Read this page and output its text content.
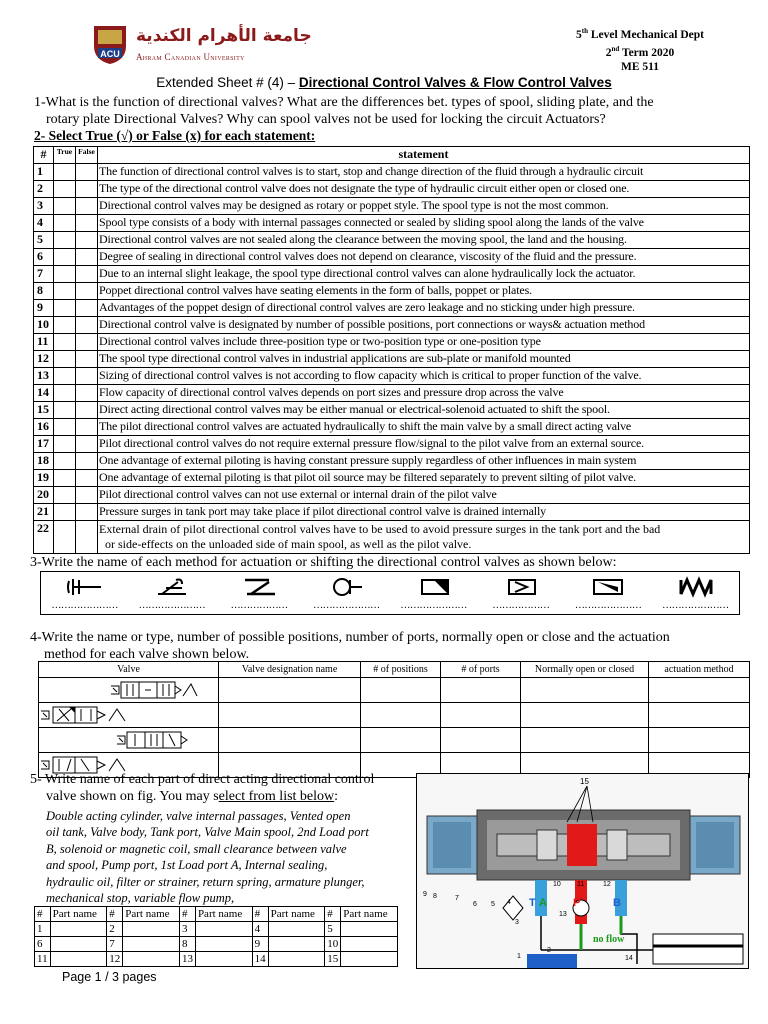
ACU
جامعة الأهرام الكندية
Ahram Canadian University
5th Level Mechanical Dept
2nd Term 2020
ME 511
Extended Sheet # (4) – Directional Control Valves & Flow Control Valves
1-What is the function of directional valves? What are the differences bet. types of spool, sliding plate, and the
rotary plate Directional Valves? Why can spool valves not be used for locking the circuit Actuators?
2- Select True (√) or False (x) for each statement:
#	True	False	statement
1			The function of directional control valves is to start, stop and change direction of the fluid through a hydraulic circuit
2			The type of the directional control valve does not designate the type of hydraulic circuit either open or closed one.
3			Directional control valves may be designed as rotary or poppet style. The spool type is not the most common.
4			Spool type consists of a body with internal passages connected or sealed by sliding spool along the lands of the valve
5			Directional control valves are not sealed along the clearance between the moving spool, the land and the housing.
6			Degree of sealing in directional control valves does not depend on clearance, viscosity of the fluid and the pressure.
7			Due to an internal slight leakage, the spool type directional control valves can alone hydraulically lock the actuator.
8			Poppet directional control valves have seating elements in the form of balls, poppet or plates.
9			Advantages of the poppet design of directional control valves are zero leakage and no sticking under high pressure.
10			Directional control valve is designated by number of possible positions, port connections or ways& actuation method
11			Directional control valves include three-position type or two-position type or one-position type
12			The spool type directional control valves in industrial applications are sub-plate or manifold mounted
13			Sizing of directional control valves is not according to flow capacity which is critical to proper function of the valve.
14			Flow capacity of directional control valves depends on port sizes and pressure drop across the valve
15			Direct acting directional control valves may be either manual or electrical-solenoid actuated to shift the spool.
16			The pilot directional control valves are actuated hydraulically to shift the main valve by a small direct acting valve
17			Pilot directional control valves do not require external pressure flow/signal to the pilot valve from an external source.
18			One advantage of external piloting is having constant pressure supply regardless of other influences in main system
19			One advantage of external piloting is that pilot oil source may be filtered separately to prevent silting of pilot valve.
20			Pilot directional control valves can not use external or internal drain of the pilot valve
21			Pressure surges in tank port may take place if pilot directional control valve is drained internally
22			External drain of pilot directional control valves have to be used to avoid pressure surges in the tank port and the bad
or side-effects on the unloaded side of main spool, as well as the pilot valve.
3-Write the name of each method for actuation or shifting the directional control valves as shown below:
…………………	…………………	………………	…………………	…………………	………………	…………………	…………………
4-Write the name or type, number of possible positions, number of ports, normally open or close and the actuation
method for each valve shown below.
Valve	Valve designation name	# of positions	# of ports	Normally open or closed	actuation method

5- Write name of each part of direct acting directional control
valve shown on fig. You may select from list below:
Double acting cylinder, valve internal passages, Vented open
oil tank, Valve body, Tank port, Valve Main spool, 2nd Load port
B, solenoid or magnetic coil, small clearance between valve
and spool, Pump port, 1st Load port A, Internal sealing,
hydraulic oil, filter or strainer, return spring, armature plunger,
mechanical stop, variable flow pump,
#	Part name	#	Part name	#	Part name	#	Part name	#	Part name
1		2		3		4		5	
6		7		8		9		10	
11		12		13		14		15	
Page 1 / 3 pages
15
9 8	7
6 5 4
3
10 11	12
13
14
1
2
T A P	B
no flow
